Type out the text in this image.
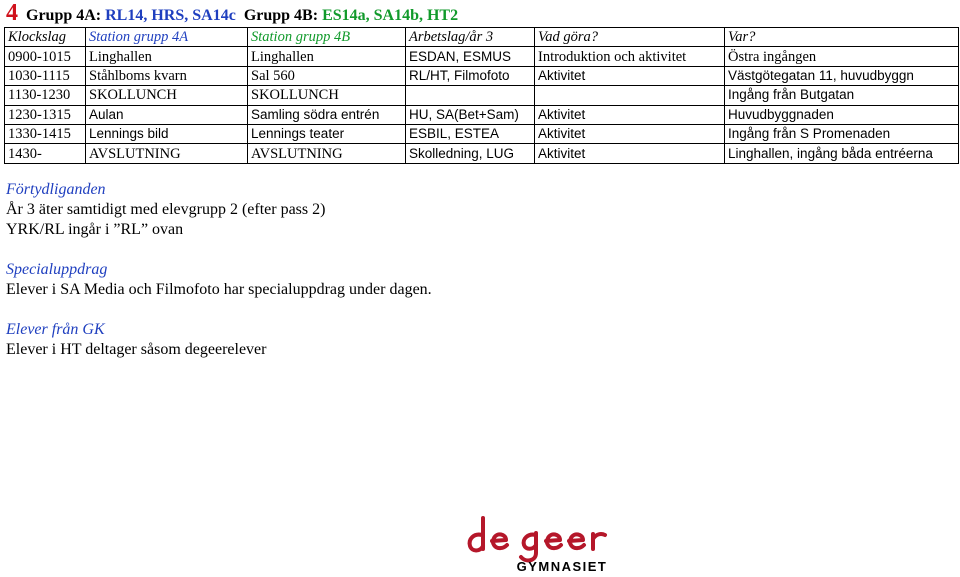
4 Grupp 4A:
RL14, HRS, SA14c
Grupp 4B:
ES14a, SA14b, HT2
Klockslag	Station grupp 4A	Station grupp 4B	Arbetslag/år 3	Vad göra?	Var?
0900-1015	Linghallen	Linghallen	ESDAN, ESMUS	Introduktion och aktivitet	Östra ingången
1030-1115	Ståhlboms kvarn	Sal 560	RL/HT, Filmofoto	Aktivitet	Västgötegatan 11, huvudbyggn
1130-1230	SKOLLUNCH	SKOLLUNCH			Ingång från Butgatan
1230-1315	Aulan	Samling södra entrén	HU, SA(Bet+Sam)	Aktivitet	Huvudbyggnaden
1330-1415	Lennings bild	Lennings teater	ESBIL, ESTEA	Aktivitet	Ingång från S Promenaden
1430-	AVSLUTNING	AVSLUTNING	Skolledning, LUG	Aktivitet	Linghallen, ingång båda entréerna
Förtydliganden
År 3 äter samtidigt med elevgrupp 2 (efter pass 2)
YRK/RL ingår i ”RL” ovan
Specialuppdrag
Elever i SA Media och Filmofoto har specialuppdrag under dagen.
Elever från GK
Elever i HT deltager såsom degeerelever
GYMNASIET
